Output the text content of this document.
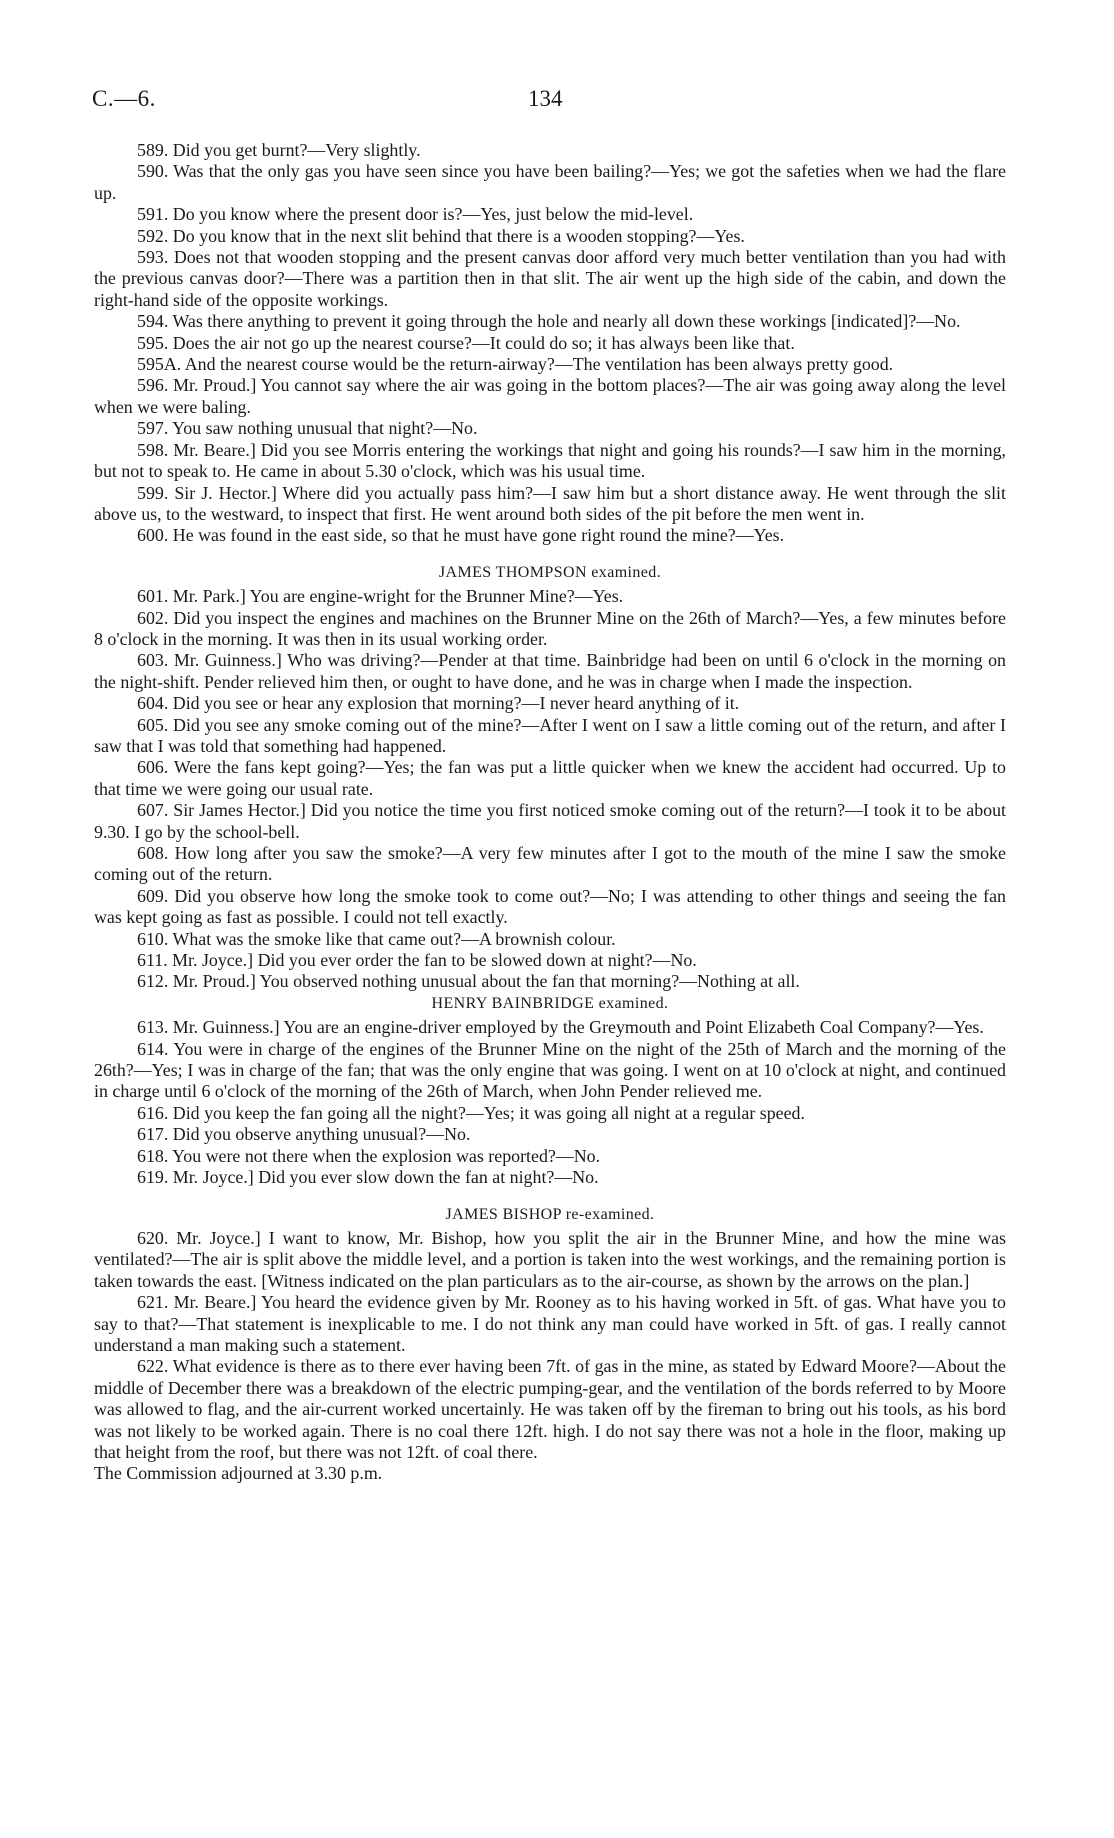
C.—6.	134

589. Did you get burnt?—Very slightly.

590. Was that the only gas you have seen since you have been bailing?—Yes; we got the safeties when we had the flare up.

591. Do you know where the present door is?—Yes, just below the mid-level.

592. Do you know that in the next slit behind that there is a wooden stopping?—Yes.

593. Does not that wooden stopping and the present canvas door afford very much better ventilation than you had with the previous canvas door?—There was a partition then in that slit. The air went up the high side of the cabin, and down the right-hand side of the opposite workings.

594. Was there anything to prevent it going through the hole and nearly all down these workings [indicated]?—No.

595. Does the air not go up the nearest course?—It could do so; it has always been like that.

595A. And the nearest course would be the return-airway?—The ventilation has been always pretty good.

596. Mr. Proud.] You cannot say where the air was going in the bottom places?—The air was going away along the level when we were baling.

597. You saw nothing unusual that night?—No.

598. Mr. Beare.] Did you see Morris entering the workings that night and going his rounds?—I saw him in the morning, but not to speak to. He came in about 5.30 o'clock, which was his usual time.

599. Sir J. Hector.] Where did you actually pass him?—I saw him but a short distance away. He went through the slit above us, to the westward, to inspect that first. He went around both sides of the pit before the men went in.

600. He was found in the east side, so that he must have gone right round the mine?—Yes.

JAMES THOMPSON examined.

601. Mr. Park.] You are engine-wright for the Brunner Mine?—Yes.

602. Did you inspect the engines and machines on the Brunner Mine on the 26th of March?—Yes, a few minutes before 8 o'clock in the morning. It was then in its usual working order.

603. Mr. Guinness.] Who was driving?—Pender at that time. Bainbridge had been on until 6 o'clock in the morning on the night-shift. Pender relieved him then, or ought to have done, and he was in charge when I made the inspection.

604. Did you see or hear any explosion that morning?—I never heard anything of it.

605. Did you see any smoke coming out of the mine?—After I went on I saw a little coming out of the return, and after I saw that I was told that something had happened.

606. Were the fans kept going?—Yes; the fan was put a little quicker when we knew the accident had occurred. Up to that time we were going our usual rate.

607. Sir James Hector.] Did you notice the time you first noticed smoke coming out of the return?—I took it to be about 9.30. I go by the school-bell.

608. How long after you saw the smoke?—A very few minutes after I got to the mouth of the mine I saw the smoke coming out of the return.

609. Did you observe how long the smoke took to come out?—No; I was attending to other things and seeing the fan was kept going as fast as possible. I could not tell exactly.

610. What was the smoke like that came out?—A brownish colour.

611. Mr. Joyce.] Did you ever order the fan to be slowed down at night?—No.

612. Mr. Proud.] You observed nothing unusual about the fan that morning?—Nothing at all.

HENRY BAINBRIDGE examined.

613. Mr. Guinness.] You are an engine-driver employed by the Greymouth and Point Elizabeth Coal Company?—Yes.

614. You were in charge of the engines of the Brunner Mine on the night of the 25th of March and the morning of the 26th?—Yes; I was in charge of the fan; that was the only engine that was going. I went on at 10 o'clock at night, and continued in charge until 6 o'clock of the morning of the 26th of March, when John Pender relieved me.

616. Did you keep the fan going all the night?—Yes; it was going all night at a regular speed.

617. Did you observe anything unusual?—No.

618. You were not there when the explosion was reported?—No.

619. Mr. Joyce.] Did you ever slow down the fan at night?—No.

JAMES BISHOP re-examined.

620. Mr. Joyce.] I want to know, Mr. Bishop, how you split the air in the Brunner Mine, and how the mine was ventilated?—The air is split above the middle level, and a portion is taken into the west workings, and the remaining portion is taken towards the east. [Witness indicated on the plan particulars as to the air-course, as shown by the arrows on the plan.]

621. Mr. Beare.] You heard the evidence given by Mr. Rooney as to his having worked in 5ft. of gas. What have you to say to that?—That statement is inexplicable to me. I do not think any man could have worked in 5ft. of gas. I really cannot understand a man making such a statement.

622. What evidence is there as to there ever having been 7ft. of gas in the mine, as stated by Edward Moore?—About the middle of December there was a breakdown of the electric pumping-gear, and the ventilation of the bords referred to by Moore was allowed to flag, and the air-current worked uncertainly. He was taken off by the fireman to bring out his tools, as his bord was not likely to be worked again. There is no coal there 12ft. high. I do not say there was not a hole in the floor, making up that height from the roof, but there was not 12ft. of coal there.

The Commission adjourned at 3.30 p.m.
